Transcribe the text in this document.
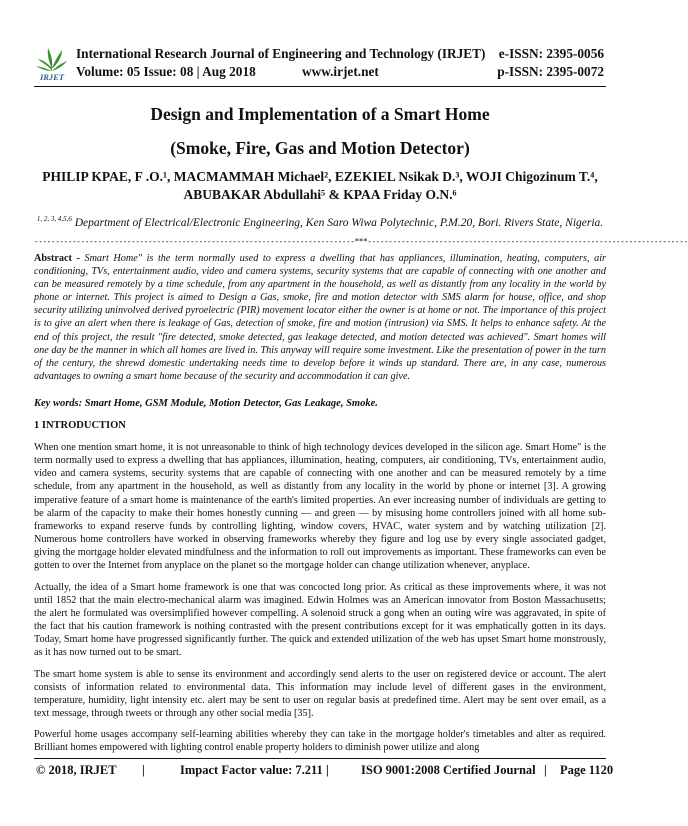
IRJET
International Research Journal of Engineering and Technology (IRJET)
Volume: 05 Issue: 08 | Aug 2018	www.irjet.net
e-ISSN: 2395-0056
p-ISSN: 2395-0072
Design and Implementation of a Smart Home
(Smoke, Fire, Gas and Motion Detector)
PHILIP KPAE, F .O.¹, MACMAMMAH Michael², EZEKIEL Nsikak D.³, WOJI Chigozinum T.⁴, ABUBAKAR Abdullahi⁵ & KPAA Friday O.N.⁶
$^{1, 2, 3, 4,5,6}$ Department of Electrical/Electronic Engineering, Ken Saro Wiwa Polytechnic, P.M.20, Bori. Rivers State, Nigeria.
----------------------------------------------------------------------------***----------------------------------------------------------------------------
Abstract - Smart Home" is the term normally used to express a dwelling that has appliances, illumination, heating, computers, air conditioning, TVs, entertainment audio, video and camera systems, security systems that are capable of connecting with one another and can be measured remotely by a time schedule, from any apartment in the household, as well as distantly from any locality in the world by phone or internet. This project is aimed to Design a Gas, smoke, fire and motion detector with SMS alarm for house, office, and shop security utilizing uninvolved derived pyroelectric (PIR) movement locator either the owner is at home or not. The importance of this project is to give an alert when there is leakage of Gas, detection of smoke, fire and motion (intrusion) via SMS. It helps to enhance safety. At the end of this project, the result "fire detected, smoke detected, gas leakage detected, and motion detected was achieved". Smart homes will one day be the manner in which all homes are lived in. This anyway will require some investment. Like the presentation of power in the turn of the century, the shrewd domestic undertaking needs time to develop before it winds up standard. There are, in any case, numerous advantages to owning a smart home because of the security and accommodation it can give.
Key words: Smart Home, GSM Module, Motion Detector, Gas Leakage, Smoke.
1 INTRODUCTION

When one mention smart home, it is not unreasonable to think of high technology devices developed in the silicon age. Smart Home" is the term normally used to express a dwelling that has appliances, illumination, heating, computers, air conditioning, TVs, entertainment audio, video and camera systems, security systems that are capable of connecting with one another and can be measured remotely by a time schedule, from any apartment in the household, as well as distantly from any locality in the world by phone or internet [3]. A growing imperative feature of a smart home is maintenance of the earth's limited properties. An ever increasing number of individuals are getting to be alarm of the capacity to make their homes honestly cunning — and green — by misusing home controllers joined with all home sub-frameworks to expand reserve funds by controlling lighting, window covers, HVAC, water system and by watching utilization [2]. Numerous home controllers have worked in observing frameworks whereby they figure and log use by every single associated gadget, giving the mortgage holder elevated mindfulness and the information to roll out improvements as important. These frameworks can even be gotten to over the Internet from anyplace on the planet so the mortgage holder can change utilization whenever, anyplace.

Actually, the idea of a Smart home framework is one that was concocted long prior. As critical as these improvements where, it was not until 1852 that the main electro-mechanical alarm was imagined. Edwin Holmes was an American innovator from Boston Massachusetts; the alert he formulated was oversimplified however compelling. A solenoid struck a gong when an outing wire was aggravated, in spite of the fact that his caution framework is nothing contrasted with the present contributions except for it was emphatically gotten in its days. Today, Smart home have progressed significantly further. The quick and extended utilization of the web has upset Smart home monstrously, as it has now turned out to be smart.

The smart home system is able to sense its environment and accordingly send alerts to the user on registered device or account. The alert consists of information related to environmental data. This information may include level of different gases in the environment, temperature, humidity, light intensity etc. alert may be sent to user on regular basis at predefined time. Alert may be sent over email, as a text message, through tweets or through any other social media [35].

Powerful home usages accompany self-learning abilities whereby they can take in the mortgage holder's timetables and alter as required. Brilliant homes empowered with lighting control enable property holders to diminish power utilize and along

© 2018, IRJET |	Impact Factor value: 7.211 |	ISO 9001:2008 Certified Journal | Page 1120
